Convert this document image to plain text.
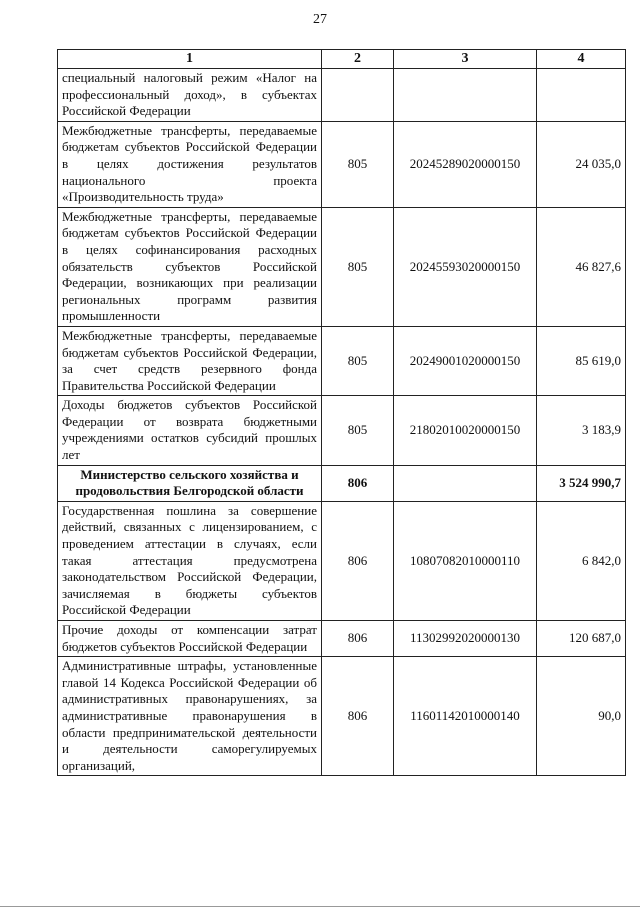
27
1	2	3	4
специальный налоговый режим «Налог на профессиональный доход», в субъектах Российской Федерации			
Межбюджетные трансферты, передаваемые бюджетам субъектов Российской Федерации в целях достижения результатов национального проекта «Производительность труда»	805	20245289020000150	24 035,0
Межбюджетные трансферты, передаваемые бюджетам субъектов Российской Федерации в целях софинансирования расходных обязательств субъектов Российской Федерации, возникающих при реализации региональных программ развития промышленности	805	20245593020000150	46 827,6
Межбюджетные трансферты, передаваемые бюджетам субъектов Российской Федерации, за счет средств резервного фонда Правительства Российской Федерации	805	20249001020000150	85 619,0
Доходы бюджетов субъектов Российской Федерации от возврата бюджетными учреждениями остатков субсидий прошлых лет	805	21802010020000150	3 183,9
Министерство сельского хозяйства и продовольствия Белгородской области	806		3 524 990,7
Государственная пошлина за совершение действий, связанных с лицензированием, с проведением аттестации в случаях, если такая аттестация предусмотрена законодательством Российской Федерации, зачисляемая в бюджеты субъектов Российской Федерации	806	10807082010000110	6 842,0
Прочие доходы от компенсации затрат бюджетов субъектов Российской Федерации	806	11302992020000130	120 687,0
Административные штрафы, установленные главой 14 Кодекса Российской Федерации об административных правонарушениях, за административные правонарушения в области предпринимательской деятельности и деятельности саморегулируемых организаций,	806	11601142010000140	90,0
